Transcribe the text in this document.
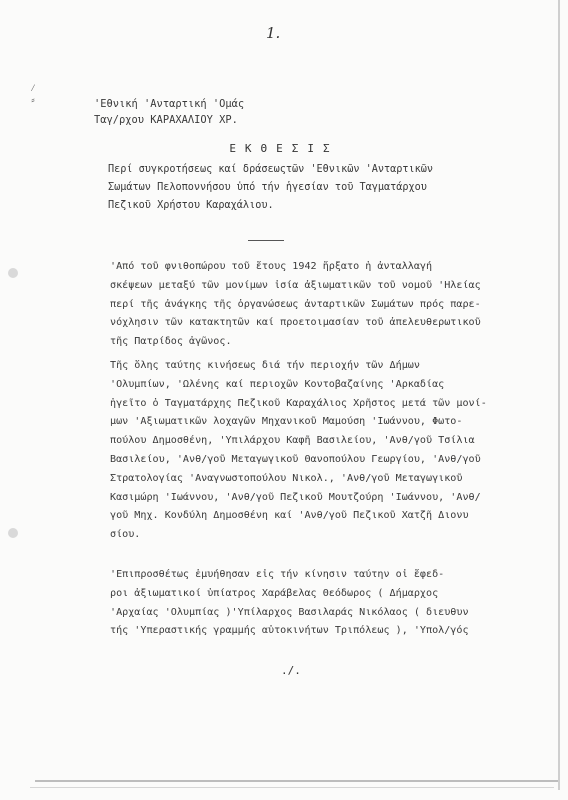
1.
⁄
⸗	'Εθνική 'Ανταρτική 'Ομάς
Ταγ/ρχου ΚΑΡΑΧΑΛΙΟΥ ΧΡ.
ΕΚΘΕΣΙΣ
Περί συγκροτήσεως καί δράσεωςτῶν 'Εθνικῶν 'Ανταρτικῶν
Σωμάτων Πελοποννήσου ὑπό τήν ἡγεσίαν τοῦ Ταγματάρχου
Πεζικοῦ Χρήστου Καραχάλιου.
'Από τοῦ φνιθοπώρου τοῦ ἔτους 1942 ἤρξατο ἡ ἀνταλλαγή
σκέψεων μεταξύ τῶν μονίμων ἰσία ἀξιωματικῶν τοῦ νομοῦ 'Ηλείας
περί τῆς ἀνάγκης τῆς ὀργανώσεως ἀνταρτικῶν Σωμάτων πρός παρε-
νόχλησιν τῶν κατακτητῶν καί προετοιμασίαν τοῦ ἀπελευθερωτικοῦ
τῆς Πατρίδος ἀγῶνος.
Τῆς ὅλης ταύτης κινήσεως διά τήν περιοχήν τῶν Δήμων
'Ολυμπίων, 'Ωλένης καί περιοχῶν Κοντοβαζαίνης 'Αρκαδίας
ἡγεῖτο ὁ Ταγματάρχης Πεζικοῦ Καραχάλιος Χρῆστος μετά τῶν μονί-
μων 'Αξιωματικῶν λοχαγῶν Μηχανικοῦ Μαμούση 'Ιωάννου, Φωτο-
πούλου Δημοσθένη, 'Υπιλάρχου Καφῆ Βασιλείου, 'Ανθ/γοῦ Τσίλια
Βασιλείου, 'Ανθ/γοῦ Μεταγωγικοῦ Θανοπούλου Γεωργίου, 'Ανθ/γοῦ
Στρατολογίας 'Αναγνωστοπούλου Νικολ., 'Ανθ/γοῦ Μεταγωγικοῦ
Κασιμώρη 'Ιωάννου, 'Ανθ/γοῦ Πεζικοῦ Μουτζούρη 'Ιωάννου, 'Ανθ/
γοῦ Μηχ. Κονδύλη Δημοσθένη καί 'Ανθ/γοῦ Πεζικοῦ Χατζῆ Διονυ
σίου.
'Επιπροσθέτως ἐμυήθησαν εἰς τήν κίνησιν ταύτην οἱ ἔφεδ-
ροι ἀξιωματικοί ὑπίατρος Χαράβελας Θεόδωρος ( Δήμαρχος
'Αρχαίας 'Ολυμπίας )'Υπίλαρχος Βασιλαράς Νικόλαος ( διευθυν
τής 'Υπεραστικής γραμμής αὐτοκινήτων Τριπόλεως ), 'Υπολ/γός
./.
